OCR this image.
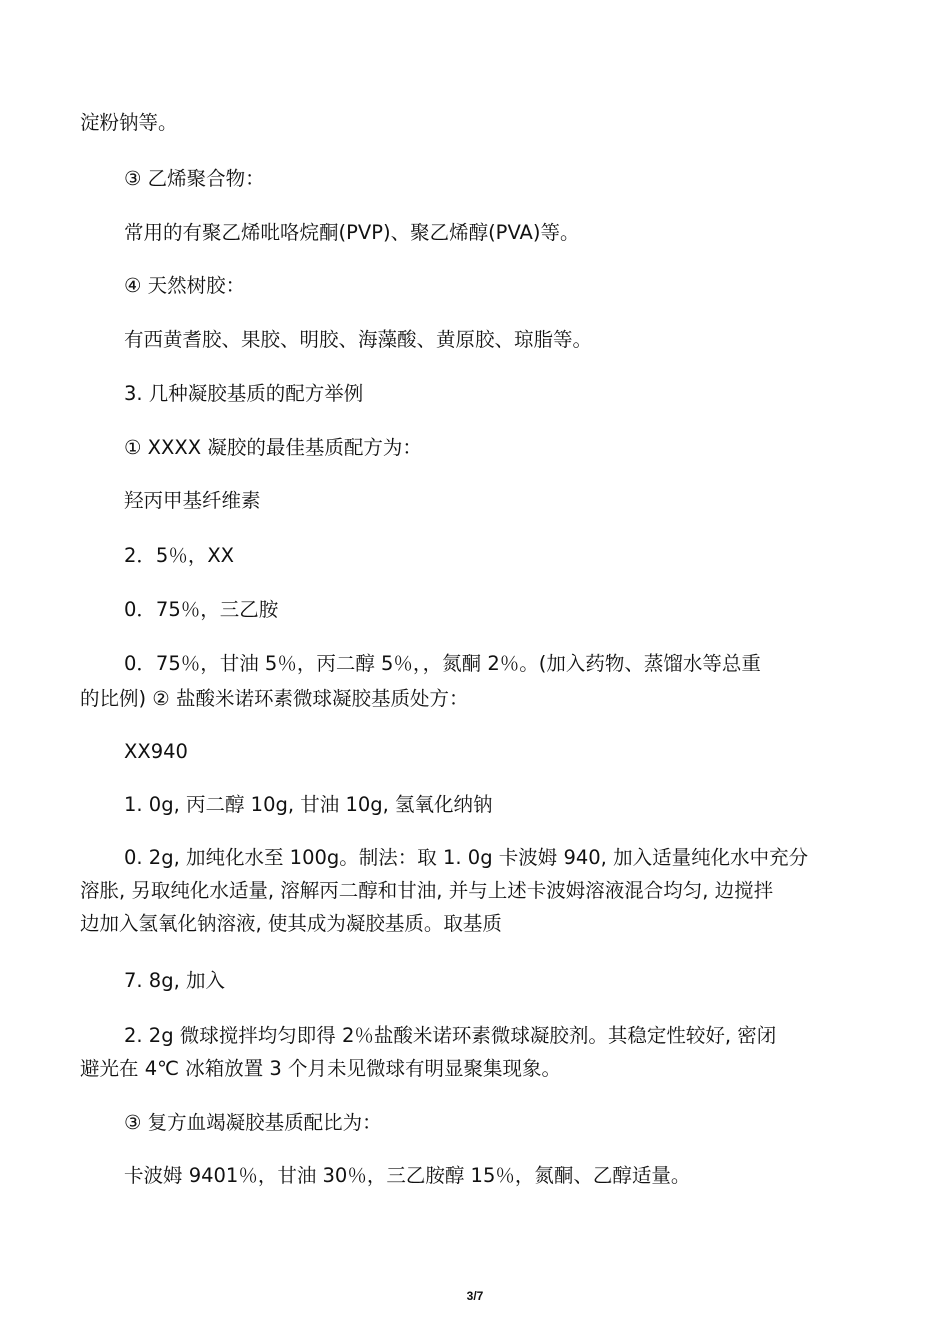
淀粉钠等。
③ 乙烯聚合物：
常用的有聚乙烯吡咯烷酮(PVP)、聚乙烯醇(PVA)等。
④ 天然树胶：
有西黄耆胶、果胶、明胶、海藻酸、黄原胶、琼脂等。
3. 几种凝胶基质的配方举例
① XXXX 凝胶的最佳基质配方为：
羟丙甲基纤维素
2．5％，XX
0．75％，三乙胺
0．75％，甘油 5％，丙二醇 5％，，氮酮 2％。(加入药物、蒸馏水等总重
的比例) ② 盐酸米诺环素微球凝胶基质处方：
XX940
1. 0g, 丙二醇 10g, 甘油 10g, 氢氧化纳钠
0. 2g, 加纯化水至 100g。制法：取 1. 0g 卡波姆 940, 加入适量纯化水中充分
溶胀, 另取纯化水适量, 溶解丙二醇和甘油, 并与上述卡波姆溶液混合均匀, 边搅拌
边加入氢氧化钠溶液, 使其成为凝胶基质。取基质
7. 8g, 加入
2. 2g 微球搅拌均匀即得 2％盐酸米诺环素微球凝胶剂。其稳定性较好, 密闭
避光在 4℃ 冰箱放置 3 个月未见微球有明显聚集现象。
③ 复方血竭凝胶基质配比为：
卡波姆 9401％，甘油 30％，三乙胺醇 15％，氮酮、乙醇适量。
3/7
